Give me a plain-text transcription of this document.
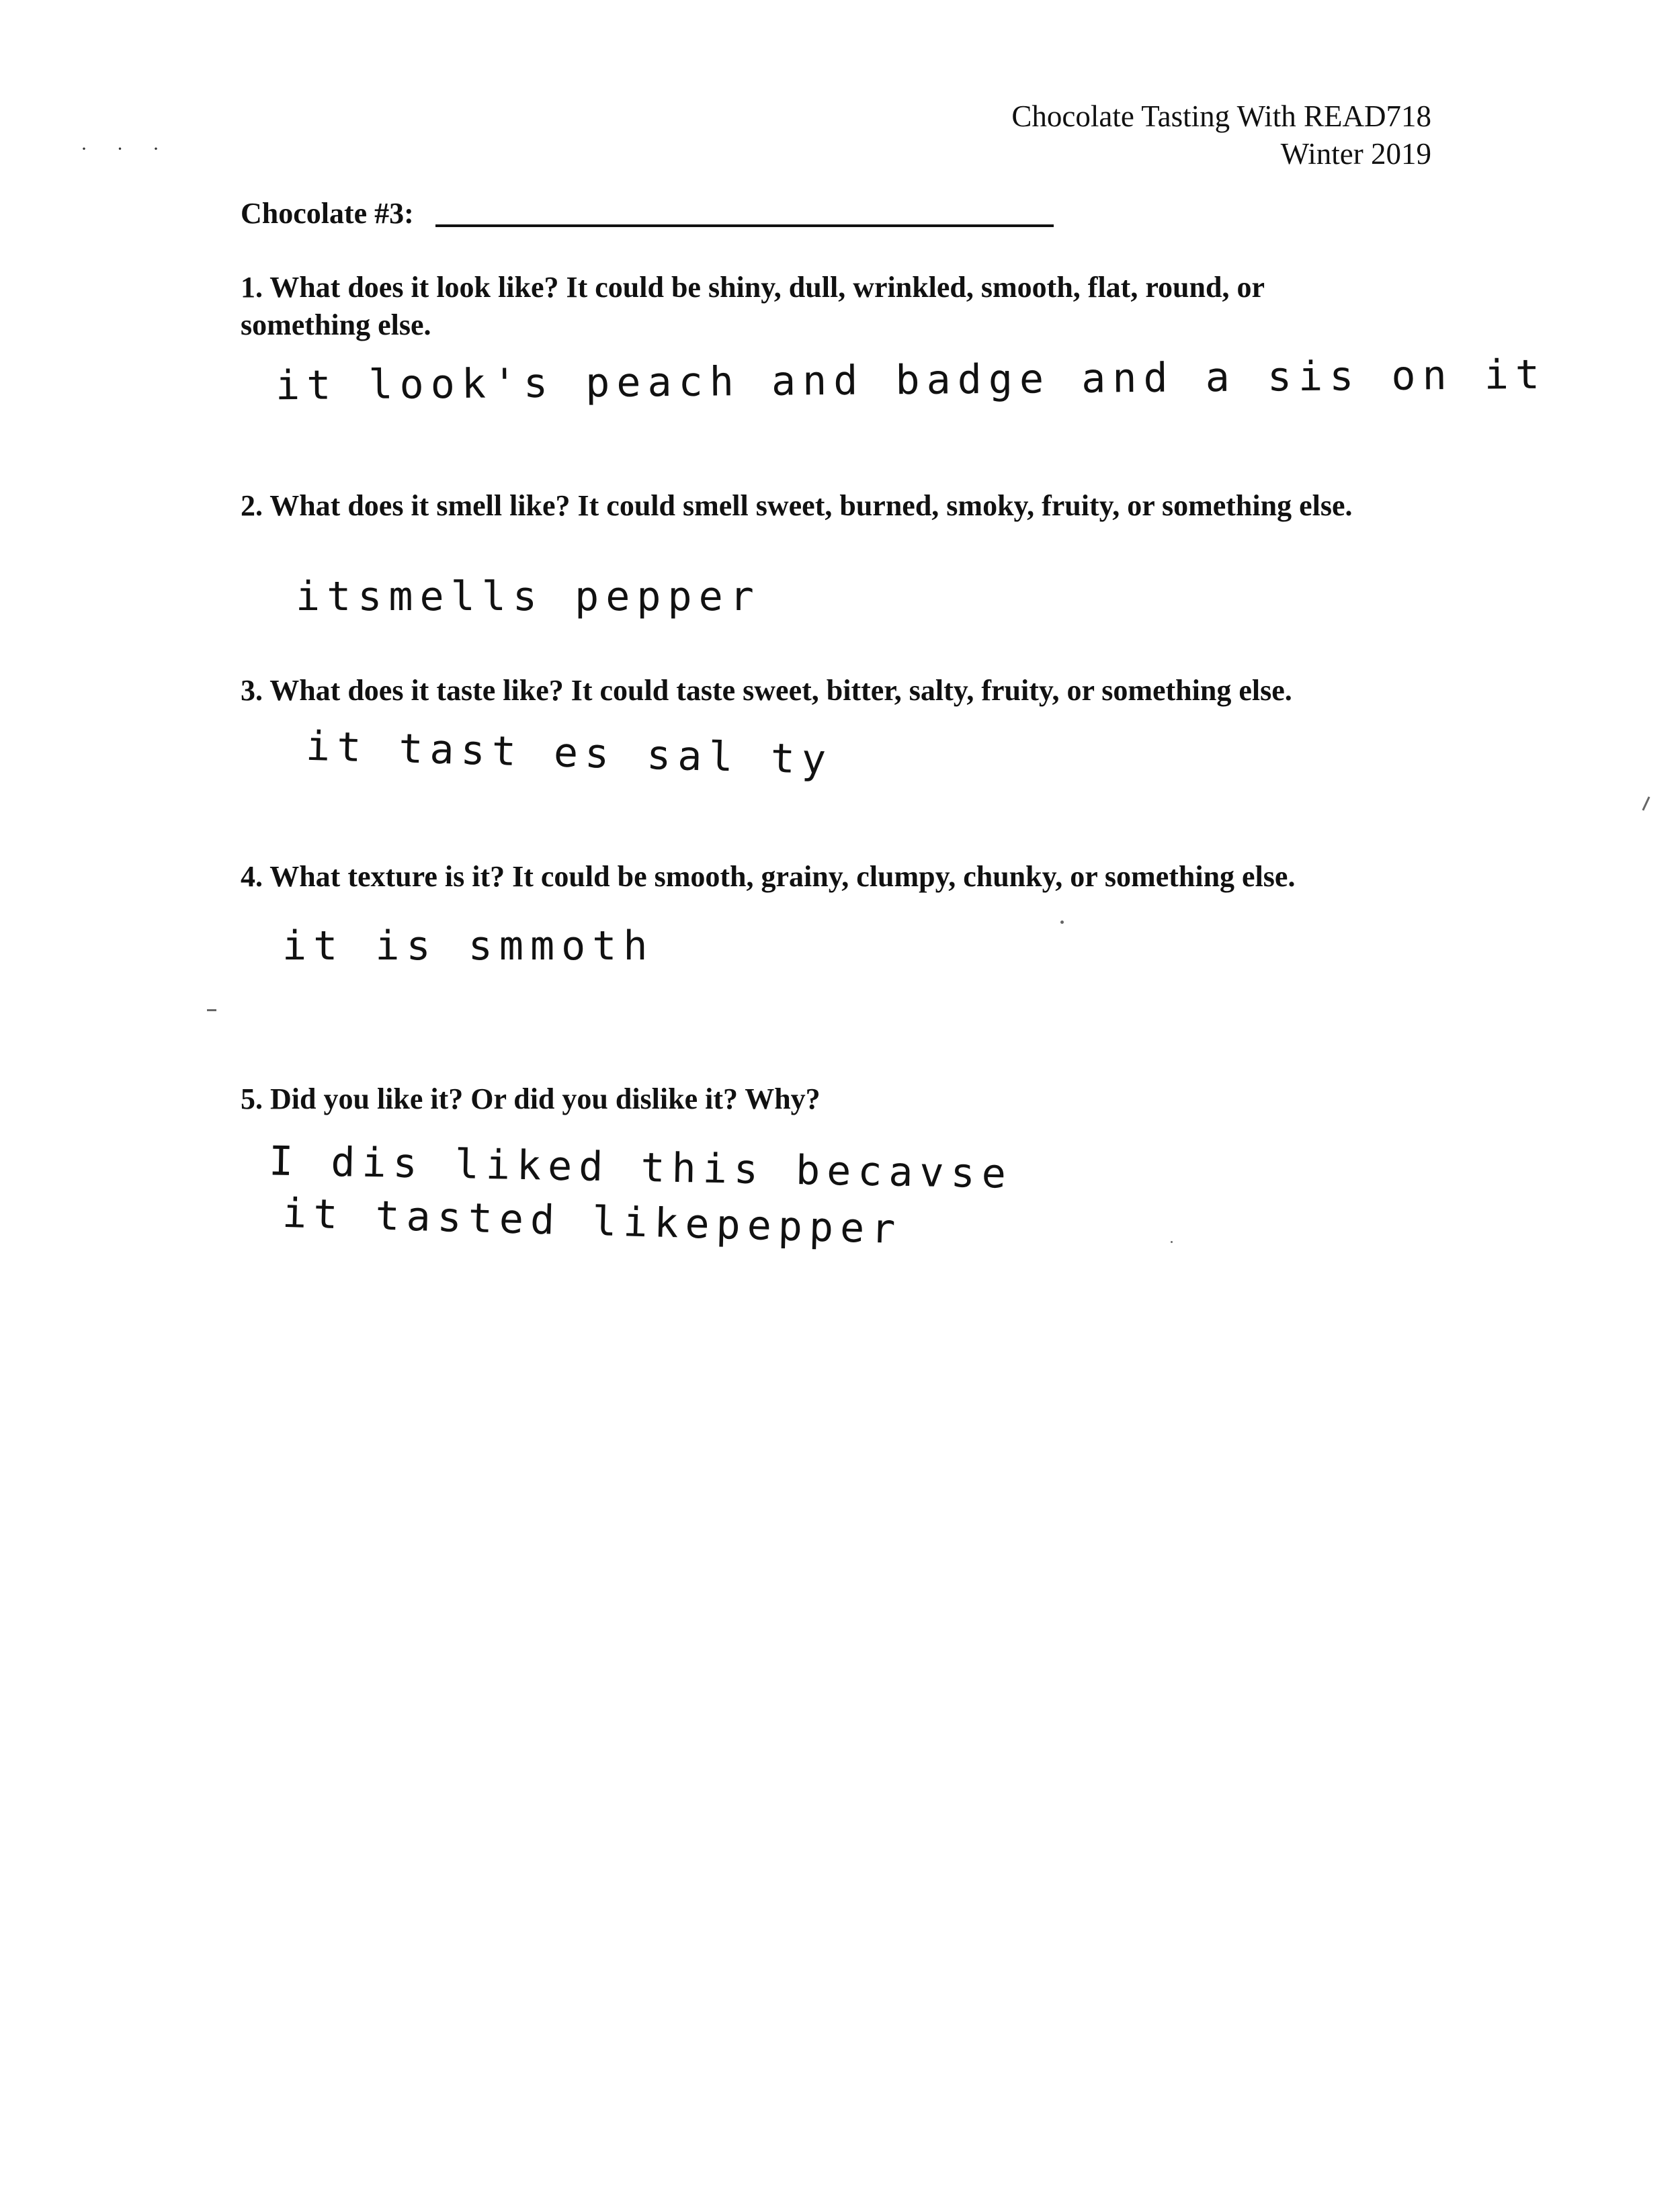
· · ·
Chocolate Tasting With READ718
Winter 2019
Chocolate #3:
1. What does it look like? It could be shiny, dull, wrinkled, smooth, flat, round, or something else.
it look's peach and badge and a sis on it
2. What does it smell like? It could smell sweet, burned, smoky, fruity, or something else.
itsmells pepper
3. What does it taste like? It could taste sweet, bitter, salty, fruity, or something else.
it tast es sal ty
4. What texture is it? It could be smooth, grainy, clumpy, chunky, or something else.
it is smmoth
5. Did you like it? Or did you dislike it? Why?
I dis liked this becavse
it tasted likepepper
